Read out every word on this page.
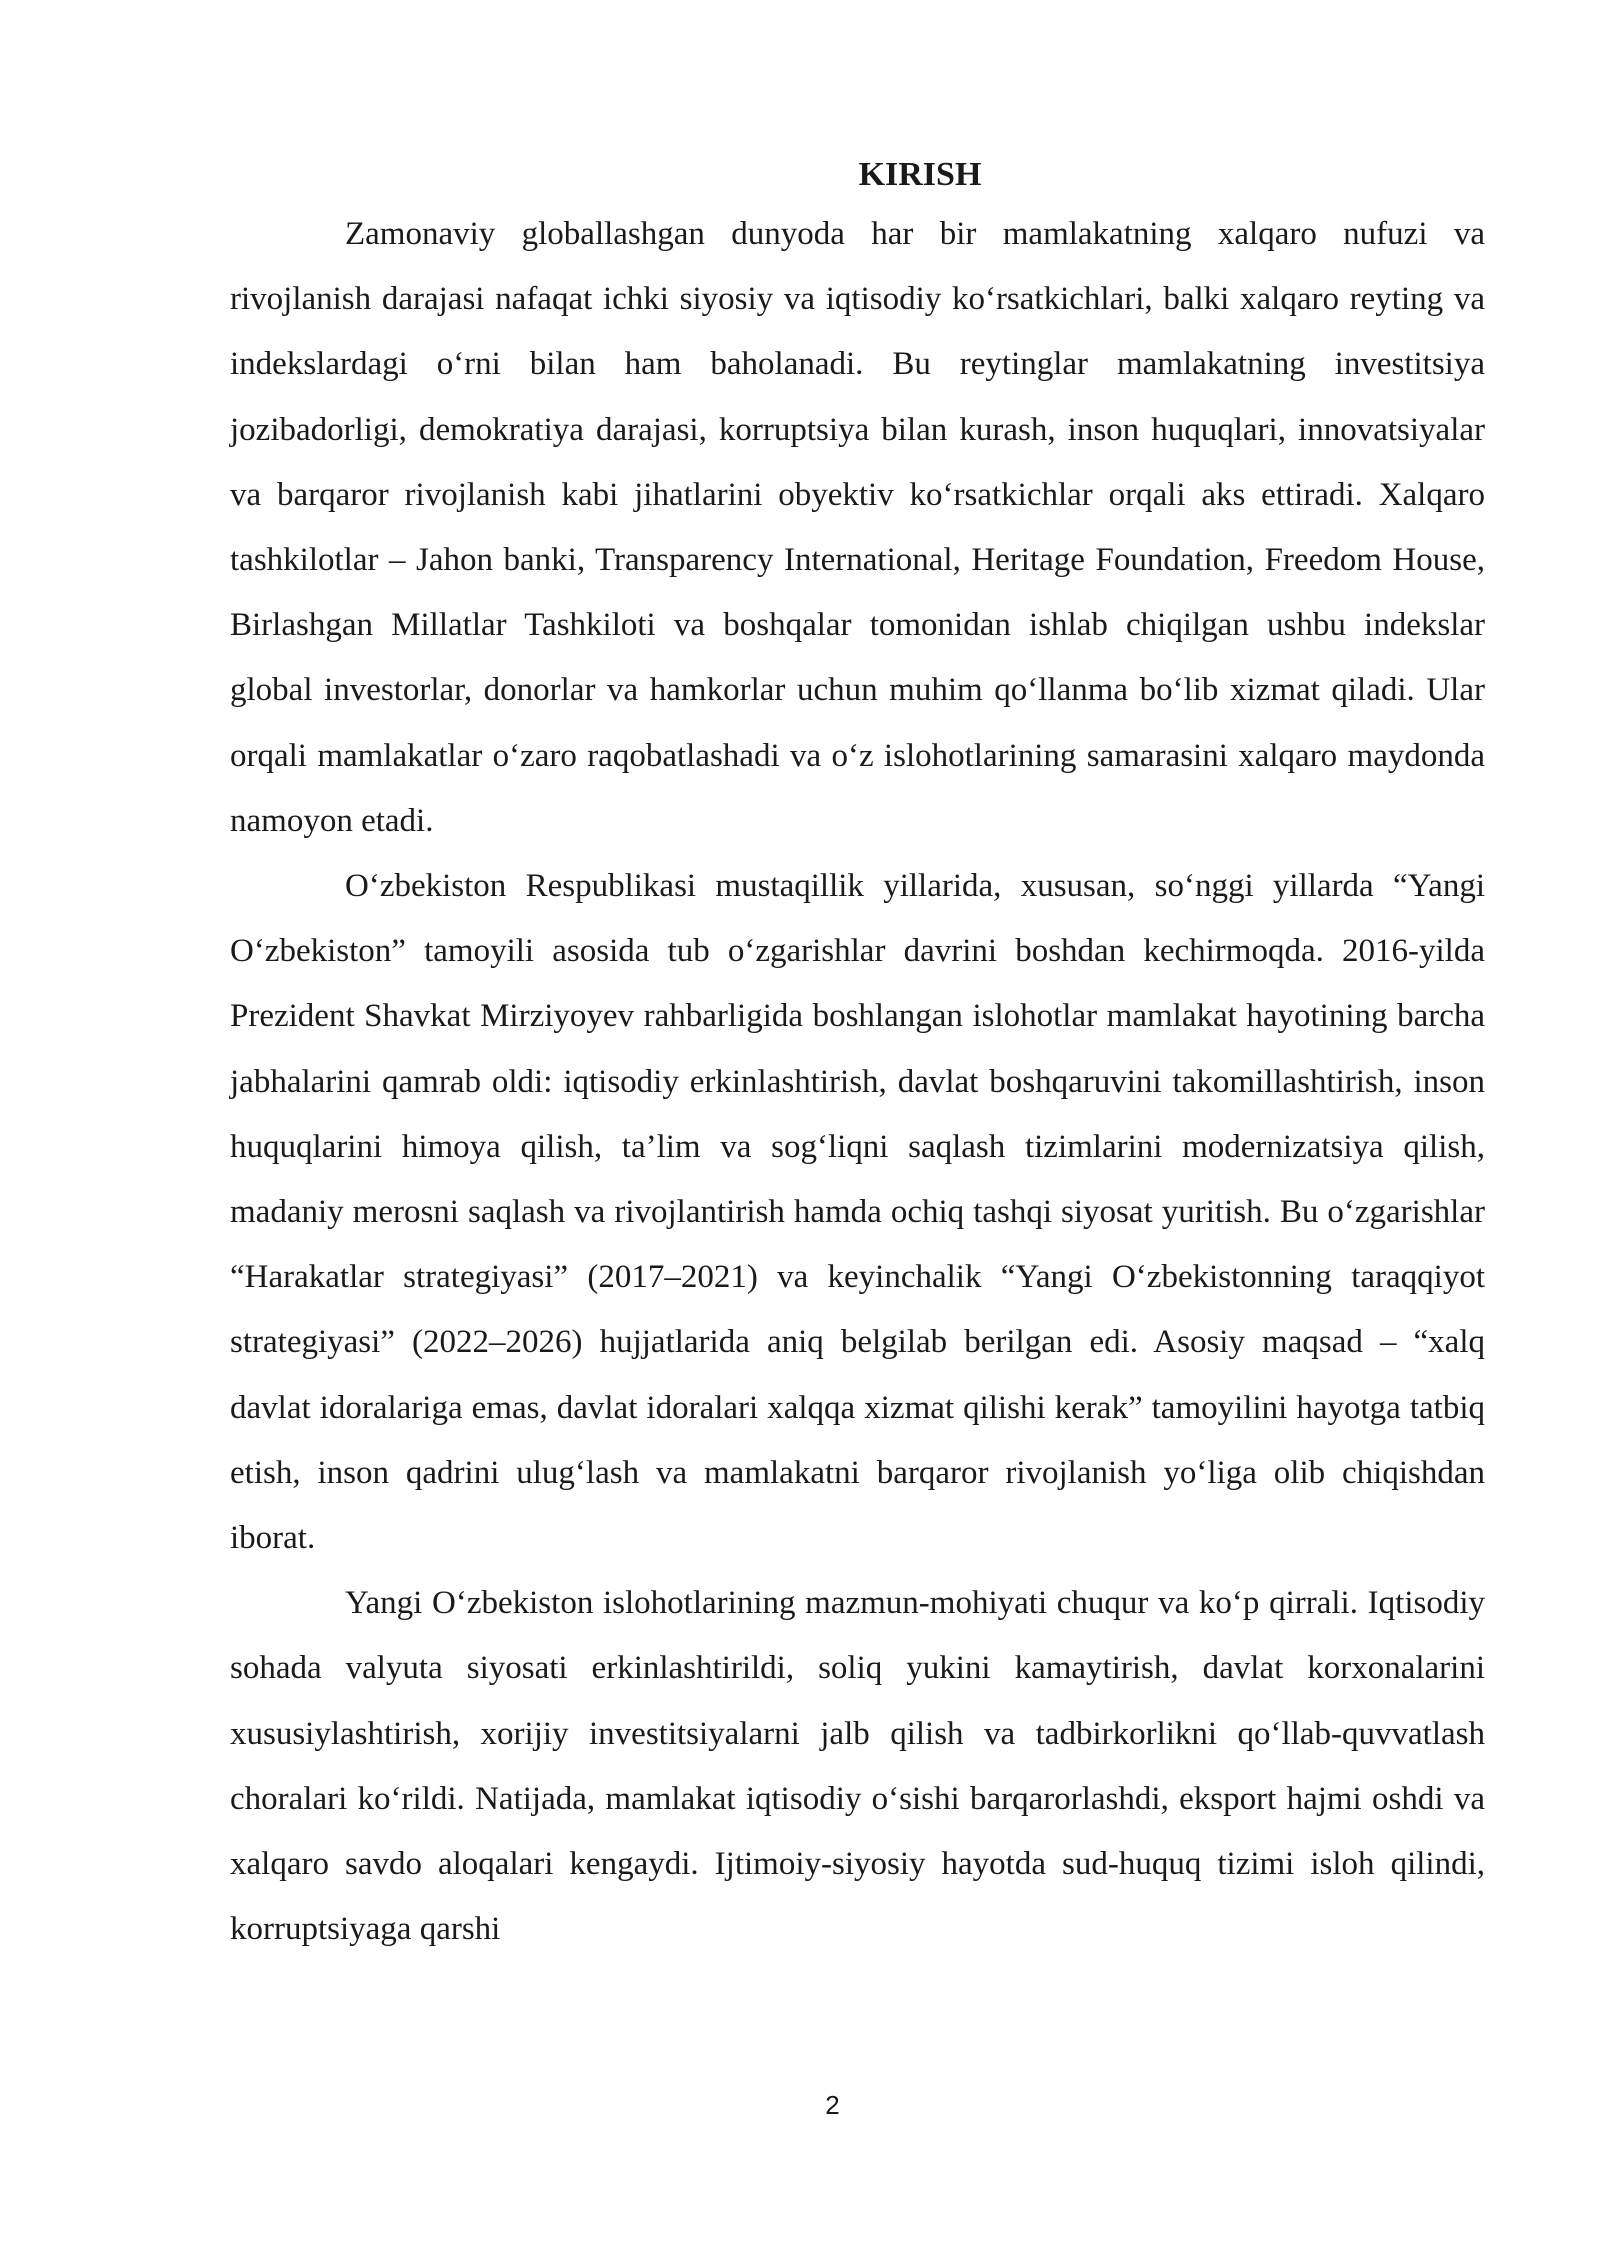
KIRISH

Zamonaviy globallashgan dunyoda har bir mamlakatning xalqaro nufuzi va rivojlanish darajasi nafaqat ichki siyosiy va iqtisodiy ko‘rsatkichlari, balki xalqaro reyting va indekslardagi o‘rni bilan ham baholanadi. Bu reytinglar mamlakatning investitsiya jozibadorligi, demokratiya darajasi, korruptsiya bilan kurash, inson huquqlari, innovatsiyalar va barqaror rivojlanish kabi jihatlarini obyektiv ko‘rsatkichlar orqali aks ettiradi. Xalqaro tashkilotlar – Jahon banki, Transparency International, Heritage Foundation, Freedom House, Birlashgan Millatlar Tashkiloti va boshqalar tomonidan ishlab chiqilgan ushbu indekslar global investorlar, donorlar va hamkorlar uchun muhim qo‘llanma bo‘lib xizmat qiladi. Ular orqali mamlakatlar o‘zaro raqobatlashadi va o‘z islohotlarining samarasini xalqaro maydonda namoyon etadi.

O‘zbekiston Respublikasi mustaqillik yillarida, xususan, so‘nggi yillarda “Yangi O‘zbekiston” tamoyili asosida tub o‘zgarishlar davrini boshdan kechirmoqda. 2016-yilda Prezident Shavkat Mirziyoyev rahbarligida boshlangan islohotlar mamlakat hayotining barcha jabhalarini qamrab oldi: iqtisodiy erkinlashtirish, davlat boshqaruvini takomillashtirish, inson huquqlarini himoya qilish, ta’lim va sog‘liqni saqlash tizimlarini modernizatsiya qilish, madaniy merosni saqlash va rivojlantirish hamda ochiq tashqi siyosat yuritish. Bu o‘zgarishlar “Harakatlar strategiyasi” (2017–2021) va keyinchalik “Yangi O‘zbekistonning taraqqiyot strategiyasi” (2022–2026) hujjatlarida aniq belgilab berilgan edi. Asosiy maqsad – “xalq davlat idoralariga emas, davlat idoralari xalqqa xizmat qilishi kerak” tamoyilini hayotga tatbiq etish, inson qadrini ulug‘lash va mamlakatni barqaror rivojlanish yo‘liga olib chiqishdan iborat.

Yangi O‘zbekiston islohotlarining mazmun-mohiyati chuqur va ko‘p qirrali. Iqtisodiy sohada valyuta siyosati erkinlashtirildi, soliq yukini kamaytirish, davlat korxonalarini xususiylashtirish, xorijiy investitsiyalarni jalb qilish va tadbirkorlikni qo‘llab-quvvatlash choralari ko‘rildi. Natijada, mamlakat iqtisodiy o‘sishi barqarorlashdi, eksport hajmi oshdi va xalqaro savdo aloqalari kengaydi. Ijtimoiy-siyosiy hayotda sud-huquq tizimi isloh qilindi, korruptsiyaga qarshi

2
